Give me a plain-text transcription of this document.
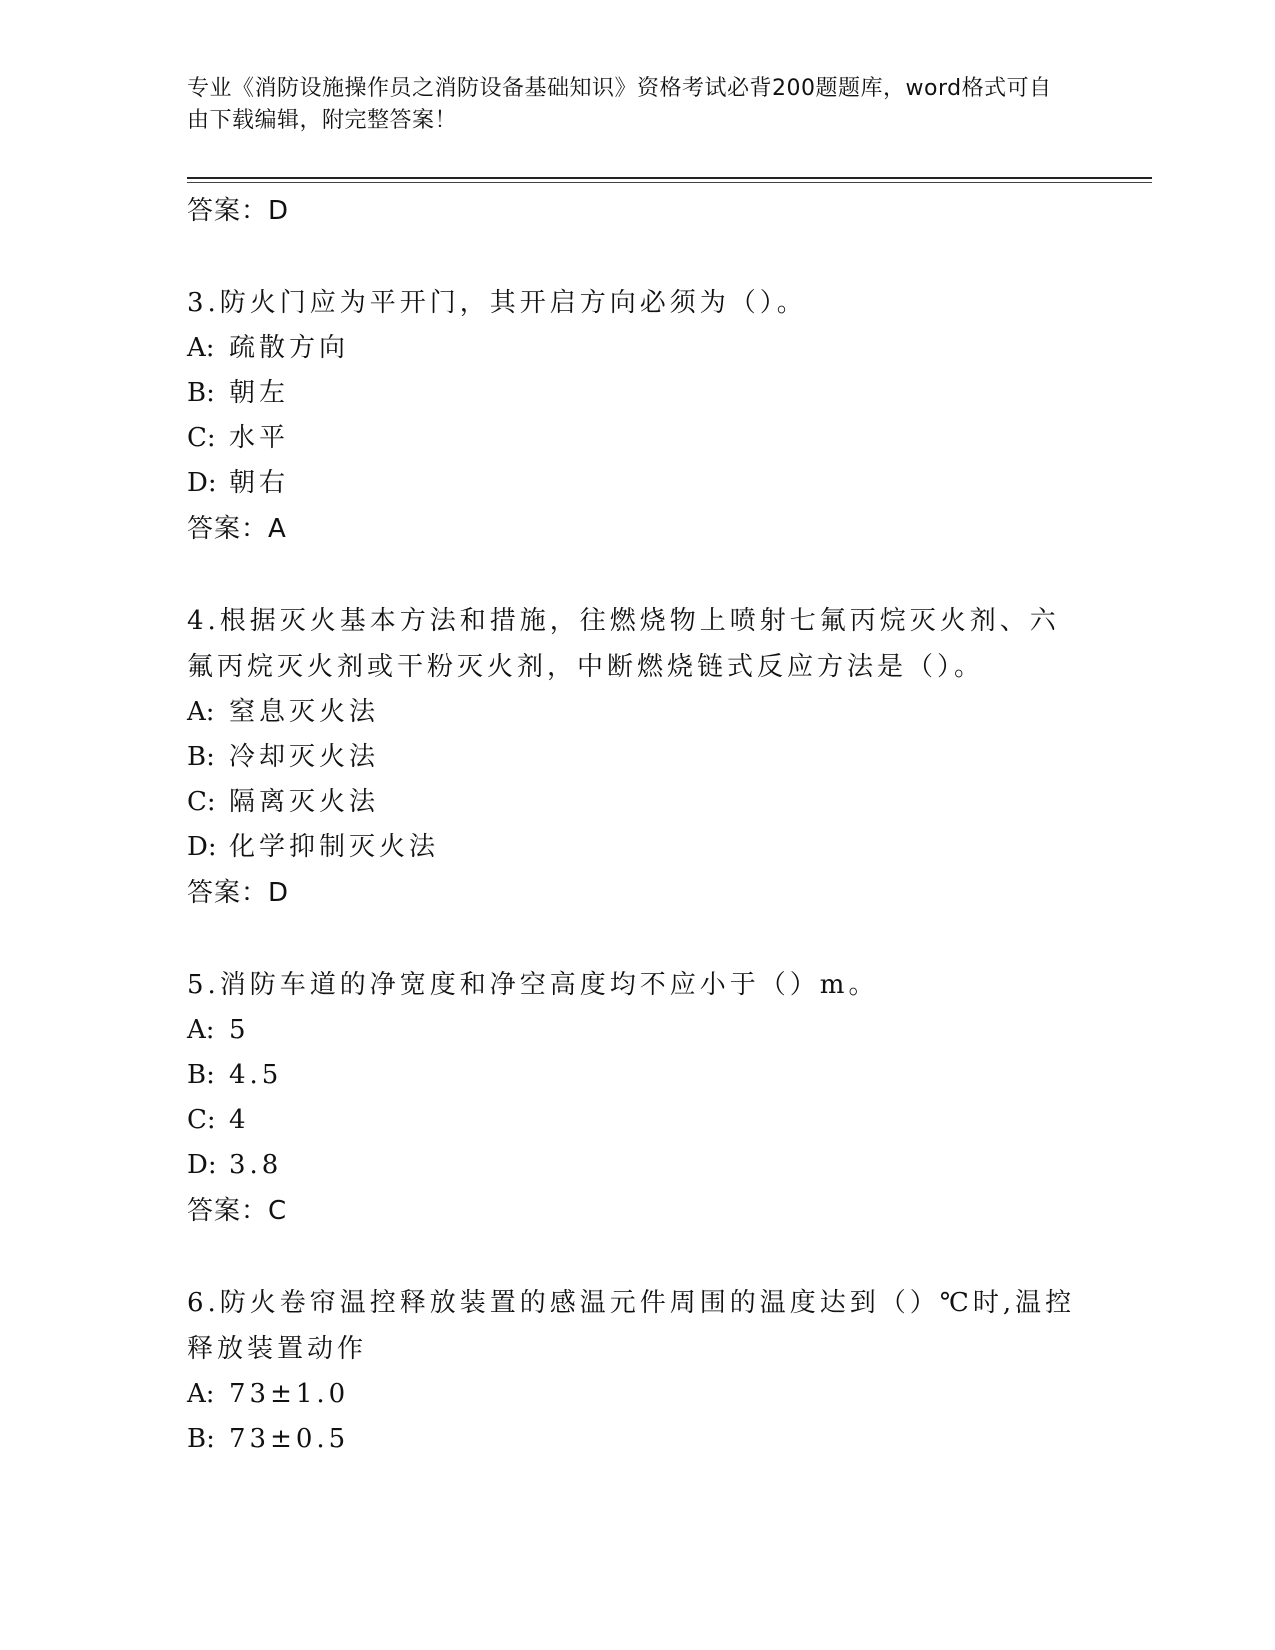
专业《消防设施操作员之消防设备基础知识》资格考试必背200题题库，word格式可自由下载编辑，附完整答案！
答案：D
3.防火门应为平开门，其开启方向必须为（）。
A: 疏散方向
B: 朝左
C: 水平
D: 朝右
答案：A
4.根据灭火基本方法和措施，往燃烧物上喷射七氟丙烷灭火剂、六氟丙烷灭火剂或干粉灭火剂，中断燃烧链式反应方法是（）。
A: 窒息灭火法
B: 冷却灭火法
C: 隔离灭火法
D: 化学抑制灭火法
答案：D
5.消防车道的净宽度和净空高度均不应小于（）m。
A: 5
B: 4.5
C: 4
D: 3.8
答案：C
6.防火卷帘温控释放装置的感温元件周围的温度达到（）℃时,温控释放装置动作
A: 73±1.0
B: 73±0.5
